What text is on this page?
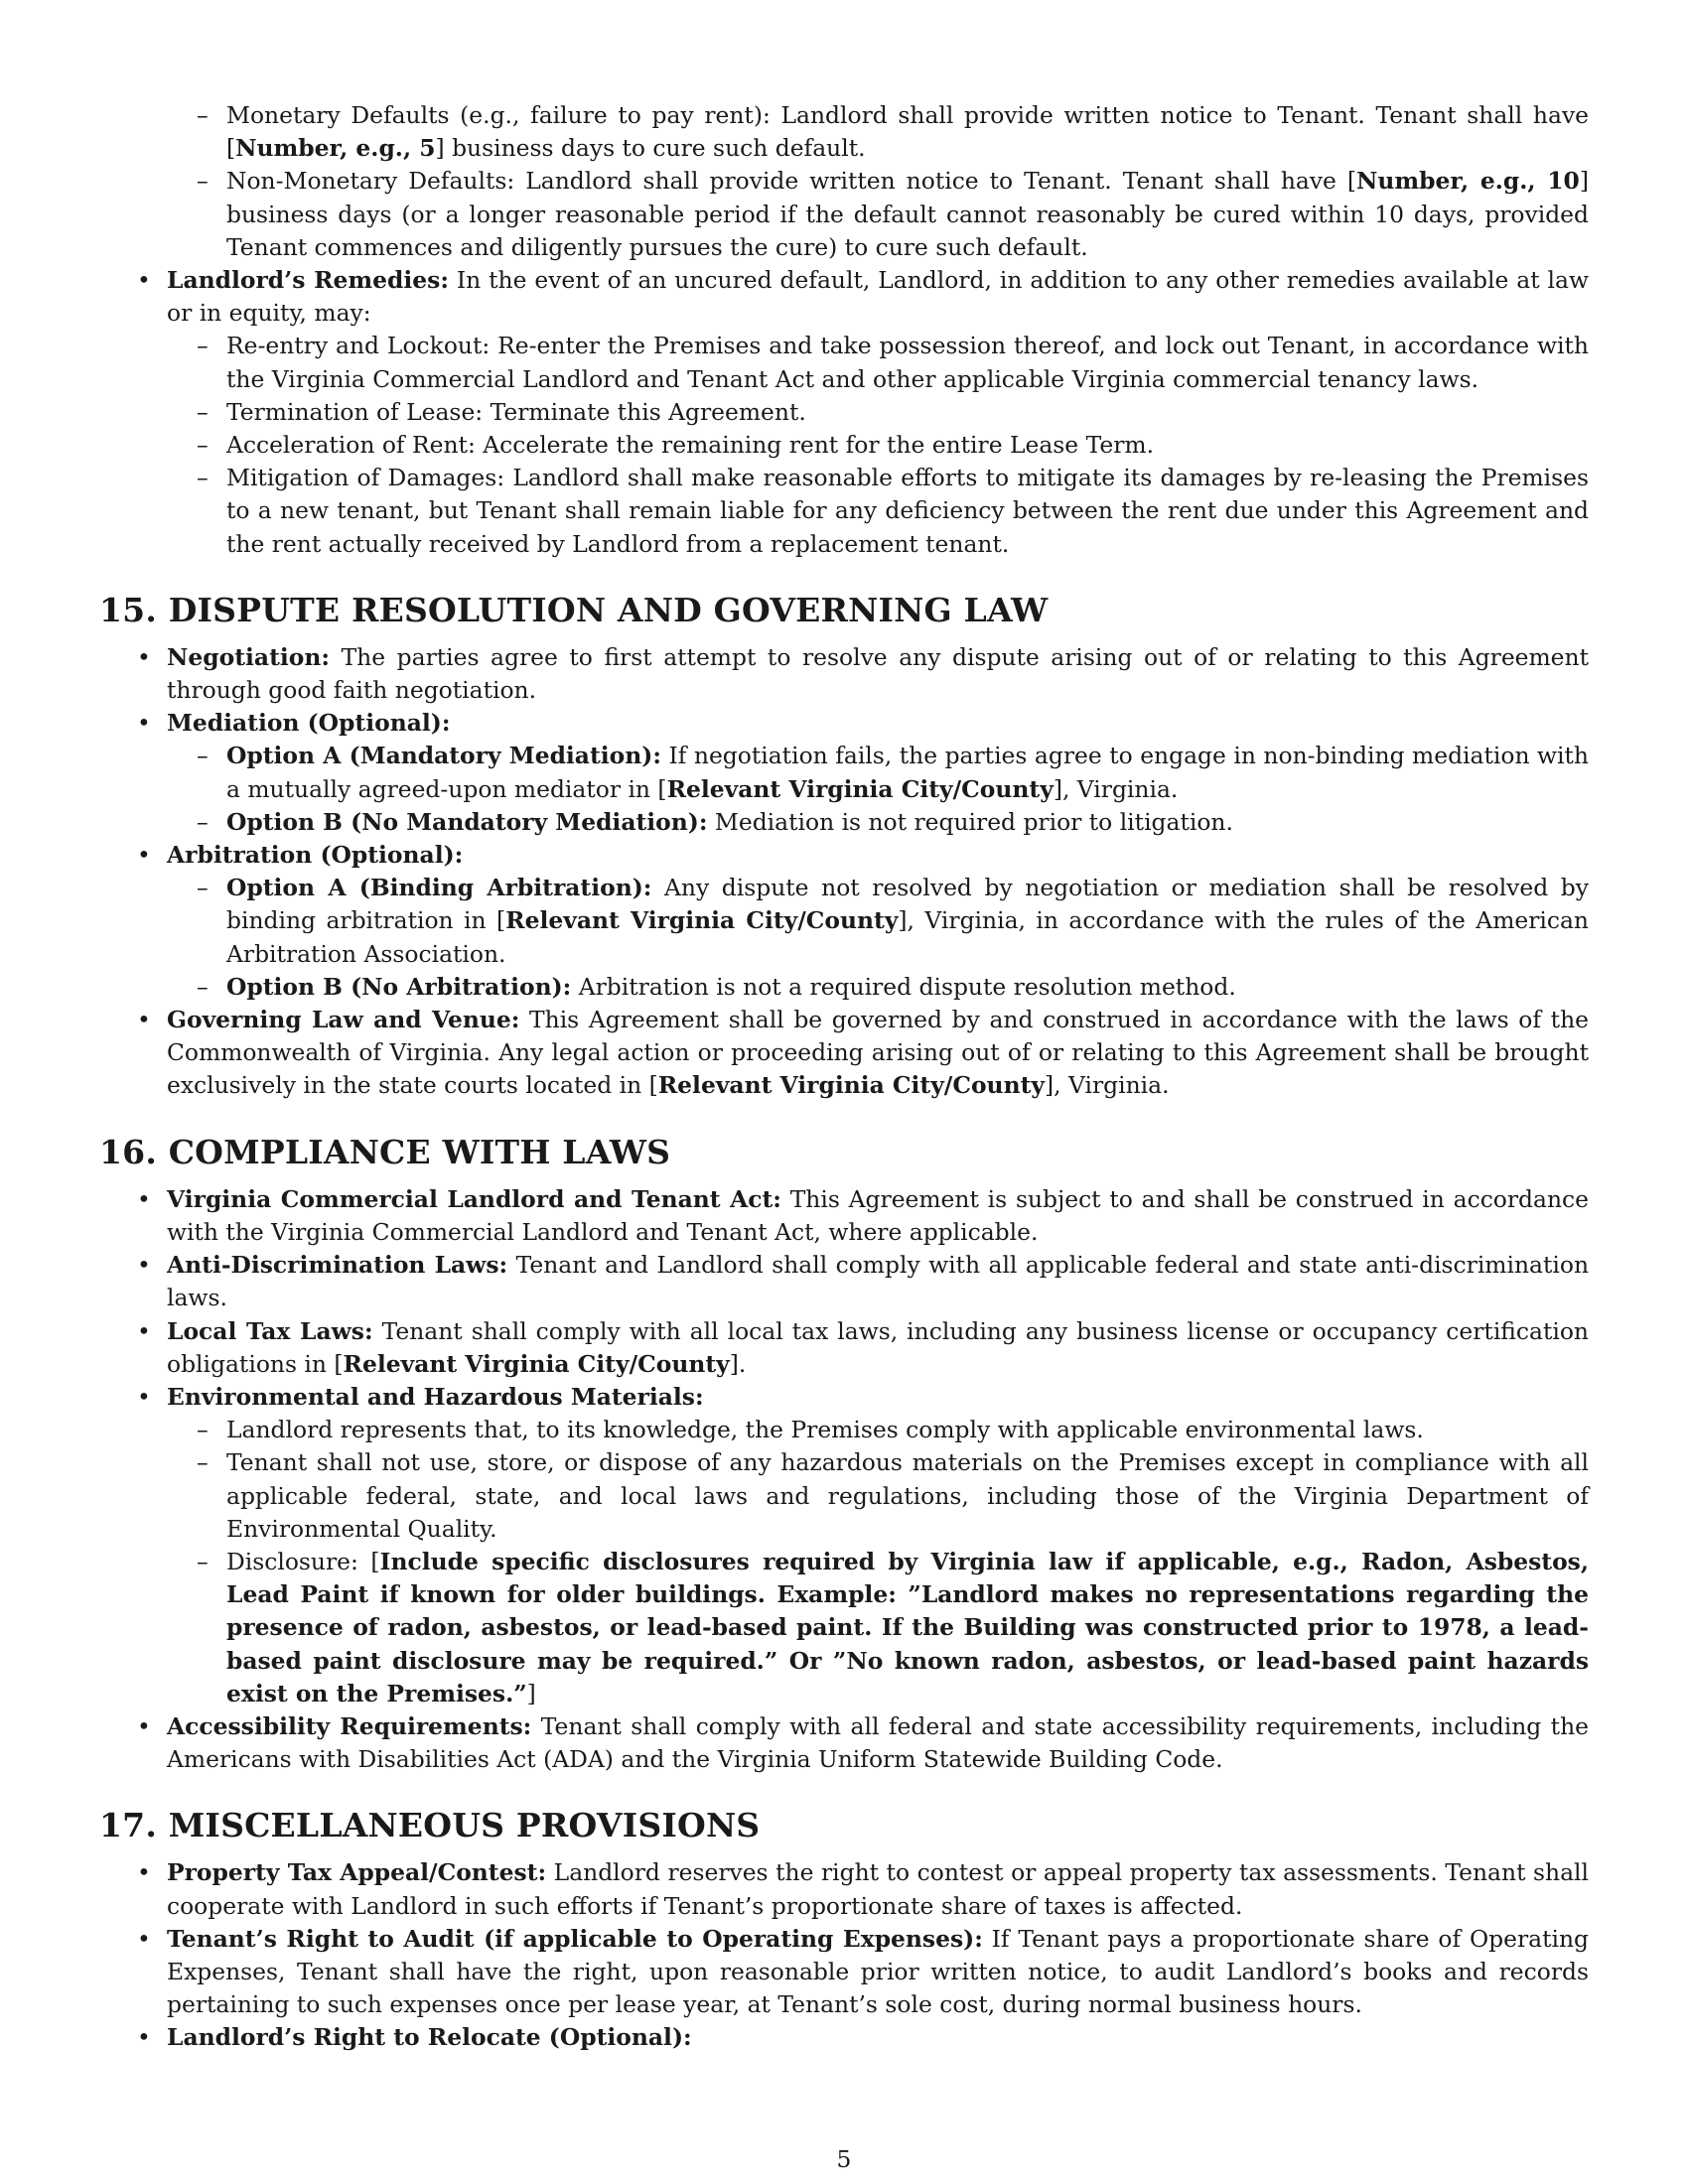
– Monetary Defaults (e.g., failure to pay rent): Landlord shall provide written notice to Tenant. Tenant shall have [Number, e.g., 5] business days to cure such default.
– Non-Monetary Defaults: Landlord shall provide written notice to Tenant. Tenant shall have [Number, e.g., 10] business days (or a longer reasonable period if the default cannot reasonably be cured within 10 days, provided Tenant commences and diligently pursues the cure) to cure such default.
• Landlord’s Remedies: In the event of an uncured default, Landlord, in addition to any other remedies available at law or in equity, may:
– Re-entry and Lockout: Re-enter the Premises and take possession thereof, and lock out Tenant, in accordance with the Virginia Commercial Landlord and Tenant Act and other applicable Virginia commercial tenancy laws.
– Termination of Lease: Terminate this Agreement.
– Acceleration of Rent: Accelerate the remaining rent for the entire Lease Term.
– Mitigation of Damages: Landlord shall make reasonable efforts to mitigate its damages by re-leasing the Premises to a new tenant, but Tenant shall remain liable for any deficiency between the rent due under this Agreement and the rent actually received by Landlord from a replacement tenant.
15. DISPUTE RESOLUTION AND GOVERNING LAW
• Negotiation: The parties agree to first attempt to resolve any dispute arising out of or relating to this Agreement through good faith negotiation.
• Mediation (Optional):
– Option A (Mandatory Mediation): If negotiation fails, the parties agree to engage in non-binding mediation with a mutually agreed-upon mediator in [Relevant Virginia City/County], Virginia.
– Option B (No Mandatory Mediation): Mediation is not required prior to litigation.
• Arbitration (Optional):
– Option A (Binding Arbitration): Any dispute not resolved by negotiation or mediation shall be resolved by binding arbitration in [Relevant Virginia City/County], Virginia, in accordance with the rules of the American Arbitration Association.
– Option B (No Arbitration): Arbitration is not a required dispute resolution method.
• Governing Law and Venue: This Agreement shall be governed by and construed in accordance with the laws of the Commonwealth of Virginia. Any legal action or proceeding arising out of or relating to this Agreement shall be brought exclusively in the state courts located in [Relevant Virginia City/County], Virginia.
16. COMPLIANCE WITH LAWS
• Virginia Commercial Landlord and Tenant Act: This Agreement is subject to and shall be construed in accordance with the Virginia Commercial Landlord and Tenant Act, where applicable.
• Anti-Discrimination Laws: Tenant and Landlord shall comply with all applicable federal and state anti-discrimination laws.
• Local Tax Laws: Tenant shall comply with all local tax laws, including any business license or occupancy certification obligations in [Relevant Virginia City/County].
• Environmental and Hazardous Materials:
– Landlord represents that, to its knowledge, the Premises comply with applicable environmental laws.
– Tenant shall not use, store, or dispose of any hazardous materials on the Premises except in compliance with all applicable federal, state, and local laws and regulations, including those of the Virginia Department of Environmental Quality.
– Disclosure: [Include specific disclosures required by Virginia law if applicable, e.g., Radon, Asbestos, Lead Paint if known for older buildings. Example: ”Landlord makes no representations regarding the presence of radon, asbestos, or lead-based paint. If the Building was constructed prior to 1978, a lead-based paint disclosure may be required.” Or ”No known radon, asbestos, or lead-based paint hazards exist on the Premises.”]
• Accessibility Requirements: Tenant shall comply with all federal and state accessibility requirements, including the Americans with Disabilities Act (ADA) and the Virginia Uniform Statewide Building Code.
17. MISCELLANEOUS PROVISIONS
• Property Tax Appeal/Contest: Landlord reserves the right to contest or appeal property tax assessments. Tenant shall cooperate with Landlord in such efforts if Tenant’s proportionate share of taxes is affected.
• Tenant’s Right to Audit (if applicable to Operating Expenses): If Tenant pays a proportionate share of Operating Expenses, Tenant shall have the right, upon reasonable prior written notice, to audit Landlord’s books and records pertaining to such expenses once per lease year, at Tenant’s sole cost, during normal business hours.
• Landlord’s Right to Relocate (Optional):
5
